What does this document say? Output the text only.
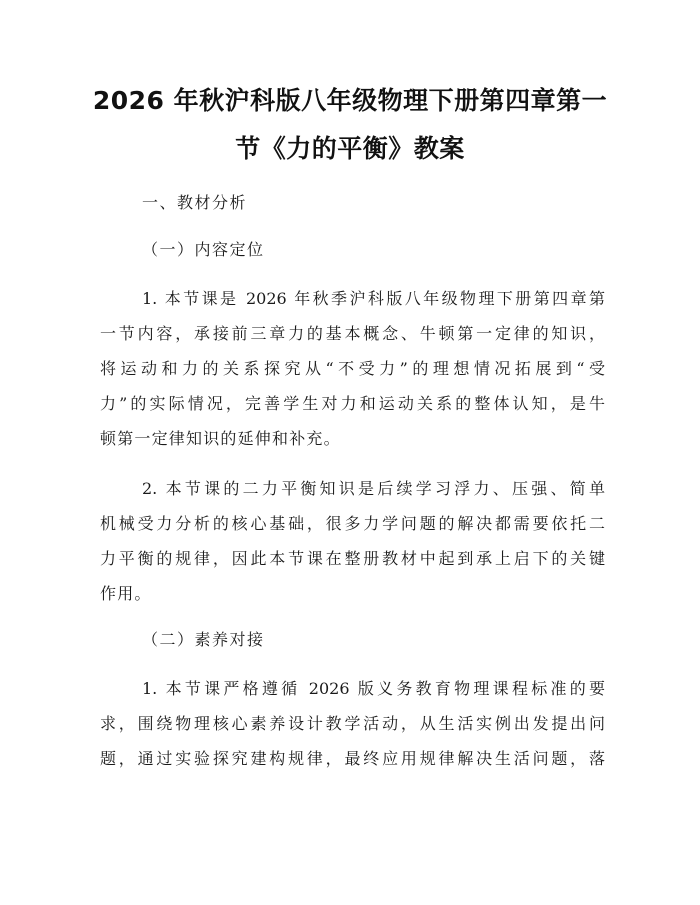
2026 年秋沪科版八年级物理下册第四章第一
节《力的平衡》教案
一、教材分析
（一）内容定位
1. 本节课是 2026 年秋季沪科版八年级物理下册第四章第
一节内容，承接前三章力的基本概念、牛顿第一定律的知识，
将运动和力的关系探究从“不受力”的理想情况拓展到“受
力”的实际情况，完善学生对力和运动关系的整体认知，是牛
顿第一定律知识的延伸和补充。
2. 本节课的二力平衡知识是后续学习浮力、压强、简单
机械受力分析的核心基础，很多力学问题的解决都需要依托二
力平衡的规律，因此本节课在整册教材中起到承上启下的关键
作用。
（二）素养对接
1. 本节课严格遵循 2026 版义务教育物理课程标准的要
求，围绕物理核心素养设计教学活动，从生活实例出发提出问
题，通过实验探究建构规律，最终应用规律解决生活问题，落
